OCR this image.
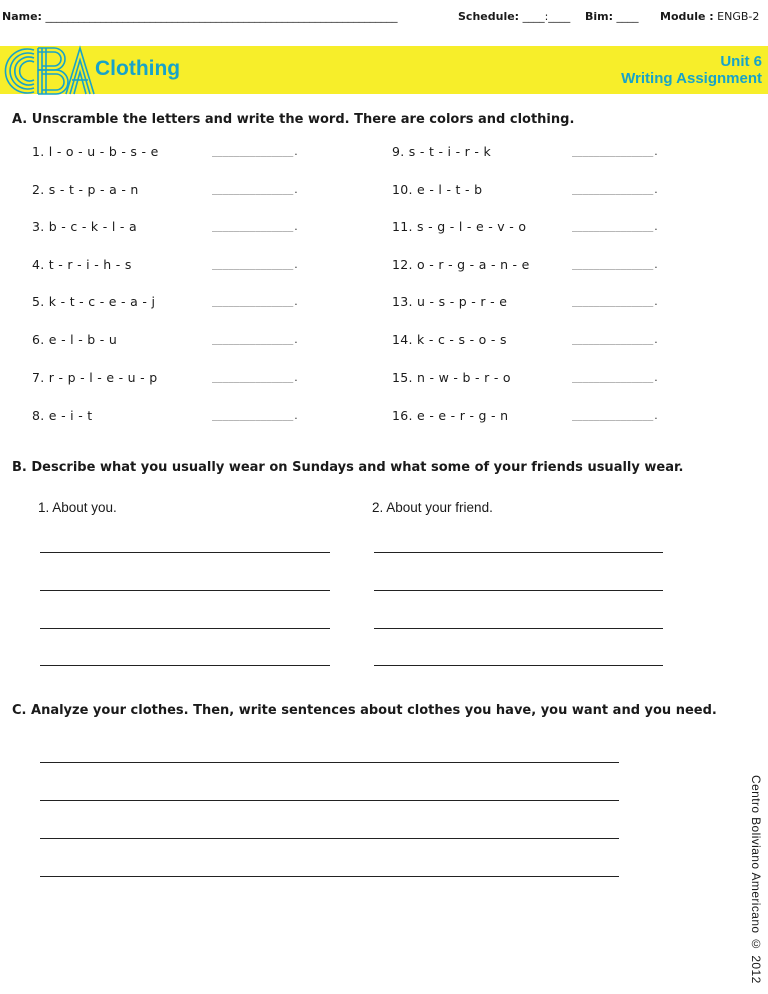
Name: ________________________________________________________________	Schedule: ____:____ Bim: ____ Module : ENGB-2
Clothing	Unit 6
Writing Assignment
A. Unscramble the letters and write the word. There are colors and clothing.
1. l - o - u - b - s - e	_______________.
2. s - t - p - a - n	_______________.
3. b - c - k - l - a	_______________.
4. t - r - i - h - s	_______________.
5. k - t - c - e - a - j	_______________.
6. e - l - b - u	_______________.
7. r - p - l - e - u - p	_______________.
8. e - i - t	_______________.
9. s - t - i - r - k	_______________.
10. e - l - t - b	_______________.
11. s - g - l - e - v - o	_______________.
12. o - r - g - a - n - e	_______________.
13. u - s - p - r - e	_______________.
14. k - c - s - o - s	_______________.
15. n - w - b - r - o	_______________.
16. e - e - r - g - n	_______________.
B. Describe what you usually wear on Sundays and what some of your friends usually wear.
1. About you.	2. About your friend.
C. Analyze your clothes. Then, write sentences about clothes you have, you want and you need.
Centro Boliviano Americano © 2012
